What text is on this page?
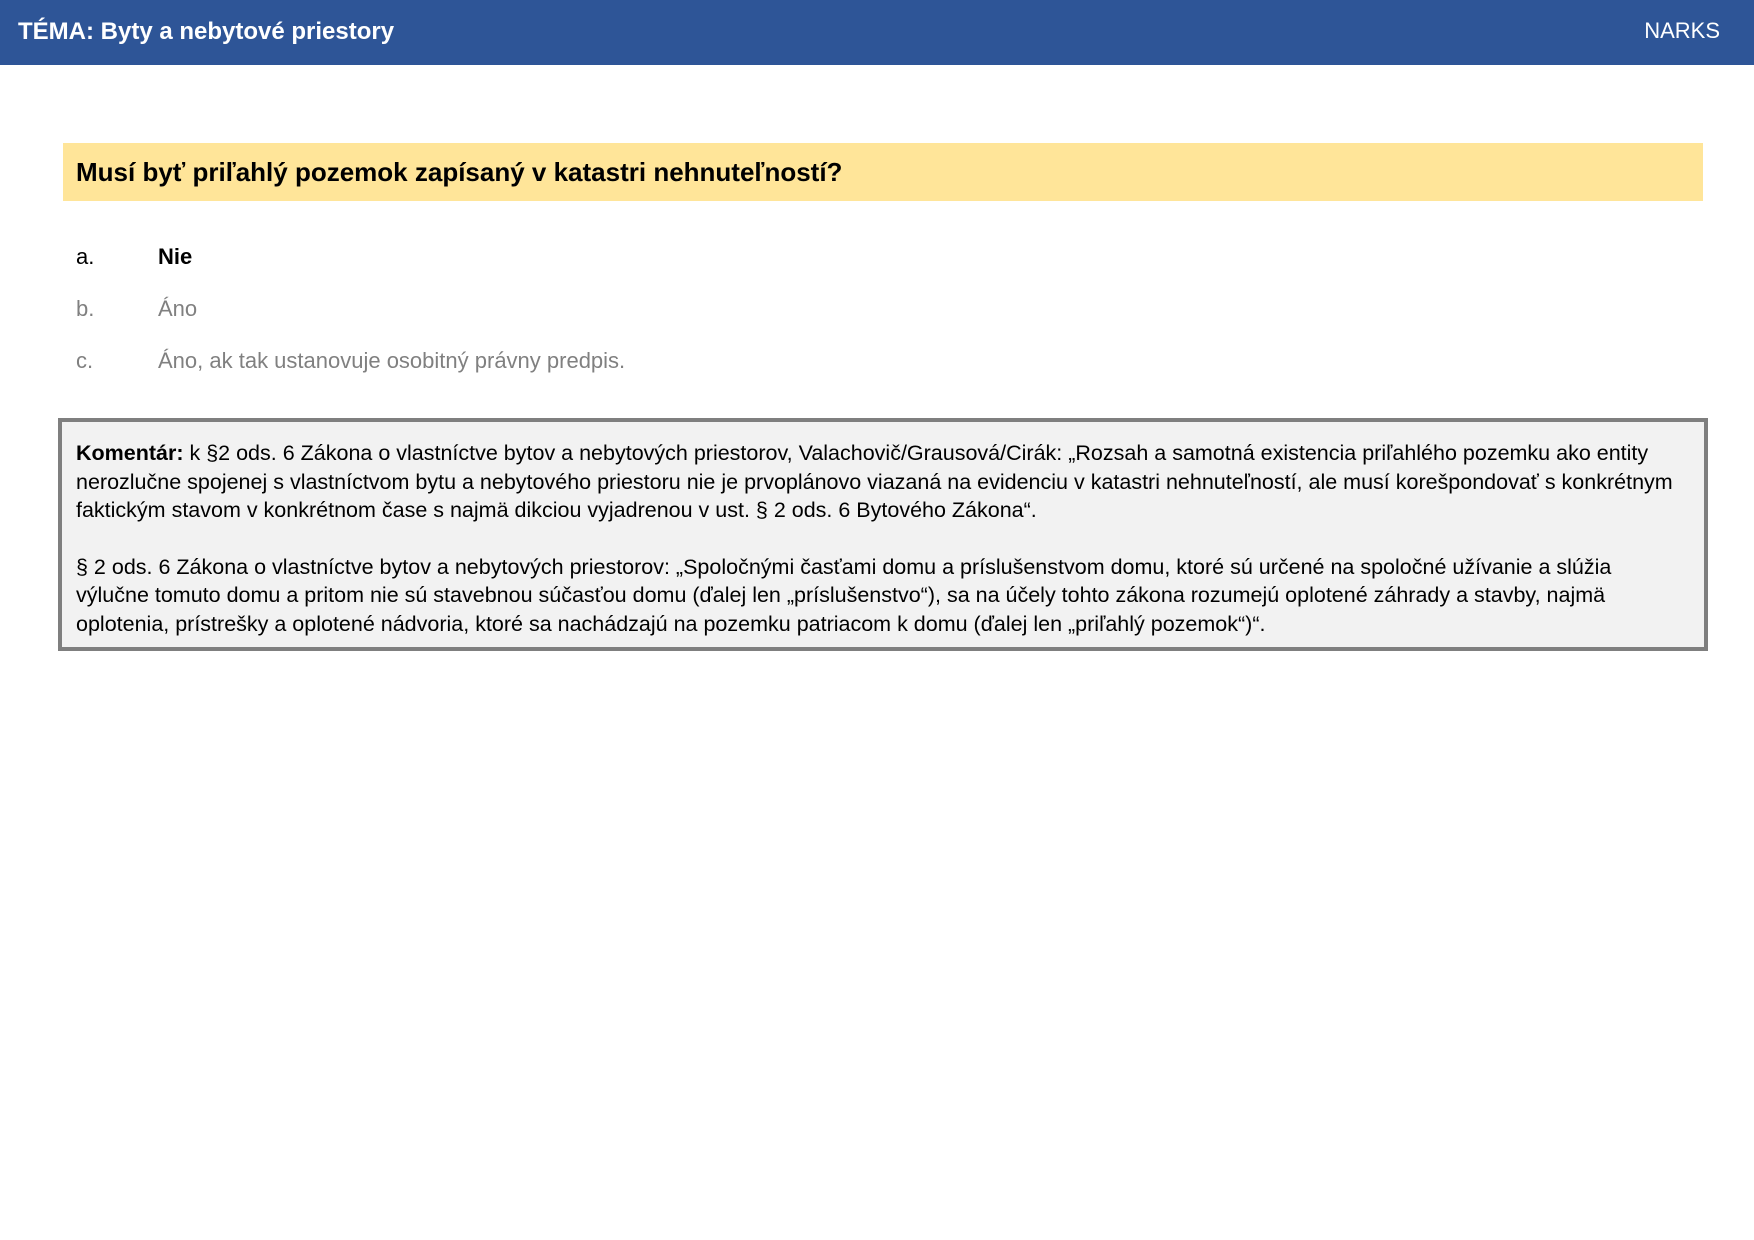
TÉMA: Byty a nebytové priestory	NARKS
Musí byť priľahlý pozemok zapísaný v katastri nehnuteľností?
a.	Nie
b.	Áno
c.	Áno, ak tak ustanovuje osobitný právny predpis.

Komentár: k §2 ods. 6 Zákona o vlastníctve bytov a nebytových priestorov, Valachovič/Grausová/Cirák: „Rozsah a samotná existencia priľahlého pozemku ako entity nerozlučne spojenej s vlastníctvom bytu a nebytového priestoru nie je prvoplánovo viazaná na evidenciu v katastri nehnuteľností, ale musí korešpondovať s konkrétnym faktickým stavom v konkrétnom čase s najmä dikciou vyjadrenou v ust. § 2 ods. 6 Bytového Zákona“.

§ 2 ods. 6 Zákona o vlastníctve bytov a nebytových priestorov: „Spoločnými časťami domu a príslušenstvom domu, ktoré sú určené na spoločné užívanie a slúžia výlučne tomuto domu a pritom nie sú stavebnou súčasťou domu (ďalej len „príslušenstvo“), sa na účely tohto zákona rozumejú oplotené záhrady a stavby, najmä oplotenia, prístrešky a oplotené nádvoria, ktoré sa nachádzajú na pozemku patriacom k domu (ďalej len „priľahlý pozemok“)“.
